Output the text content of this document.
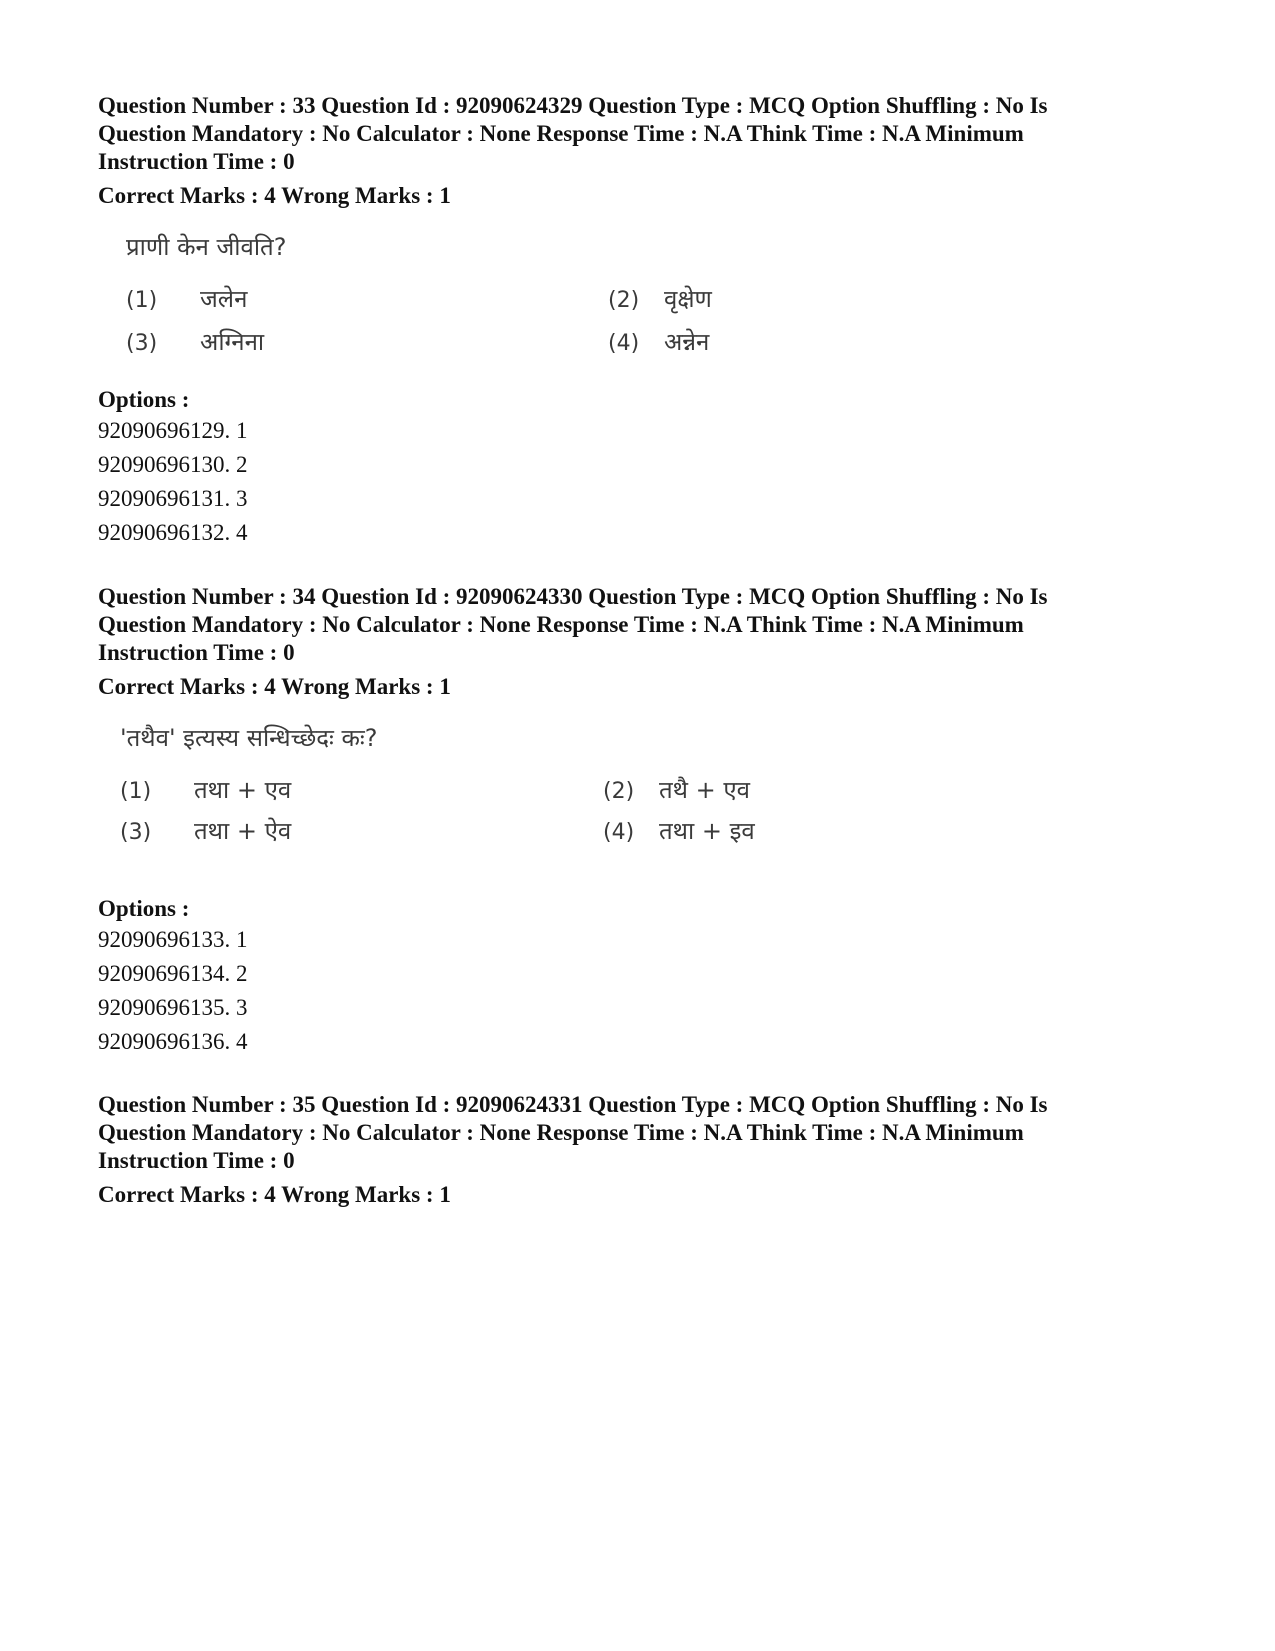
Question Number : 33 Question Id : 92090624329 Question Type : MCQ Option Shuffling : No Is

Question Mandatory : No Calculator : None Response Time : N.A Think Time : N.A Minimum

Instruction Time : 0

Correct Marks : 4 Wrong Marks : 1

प्राणी केन जीवति?
(1) जलेन	(2) वृक्षेण
(3) अग्निना	(4) अन्नेन

Options :

92090696129. 1

92090696130. 2

92090696131. 3

92090696132. 4

Question Number : 34 Question Id : 92090624330 Question Type : MCQ Option Shuffling : No Is

Question Mandatory : No Calculator : None Response Time : N.A Think Time : N.A Minimum

Instruction Time : 0

Correct Marks : 4 Wrong Marks : 1

'तथैव' इत्यस्य सन्धिच्छेदः कः?
(1) तथा + एव	(2) तथै + एव
(3) तथा + ऐव	(4) तथा + इव

Options :

92090696133. 1

92090696134. 2

92090696135. 3

92090696136. 4

Question Number : 35 Question Id : 92090624331 Question Type : MCQ Option Shuffling : No Is

Question Mandatory : No Calculator : None Response Time : N.A Think Time : N.A Minimum

Instruction Time : 0

Correct Marks : 4 Wrong Marks : 1
